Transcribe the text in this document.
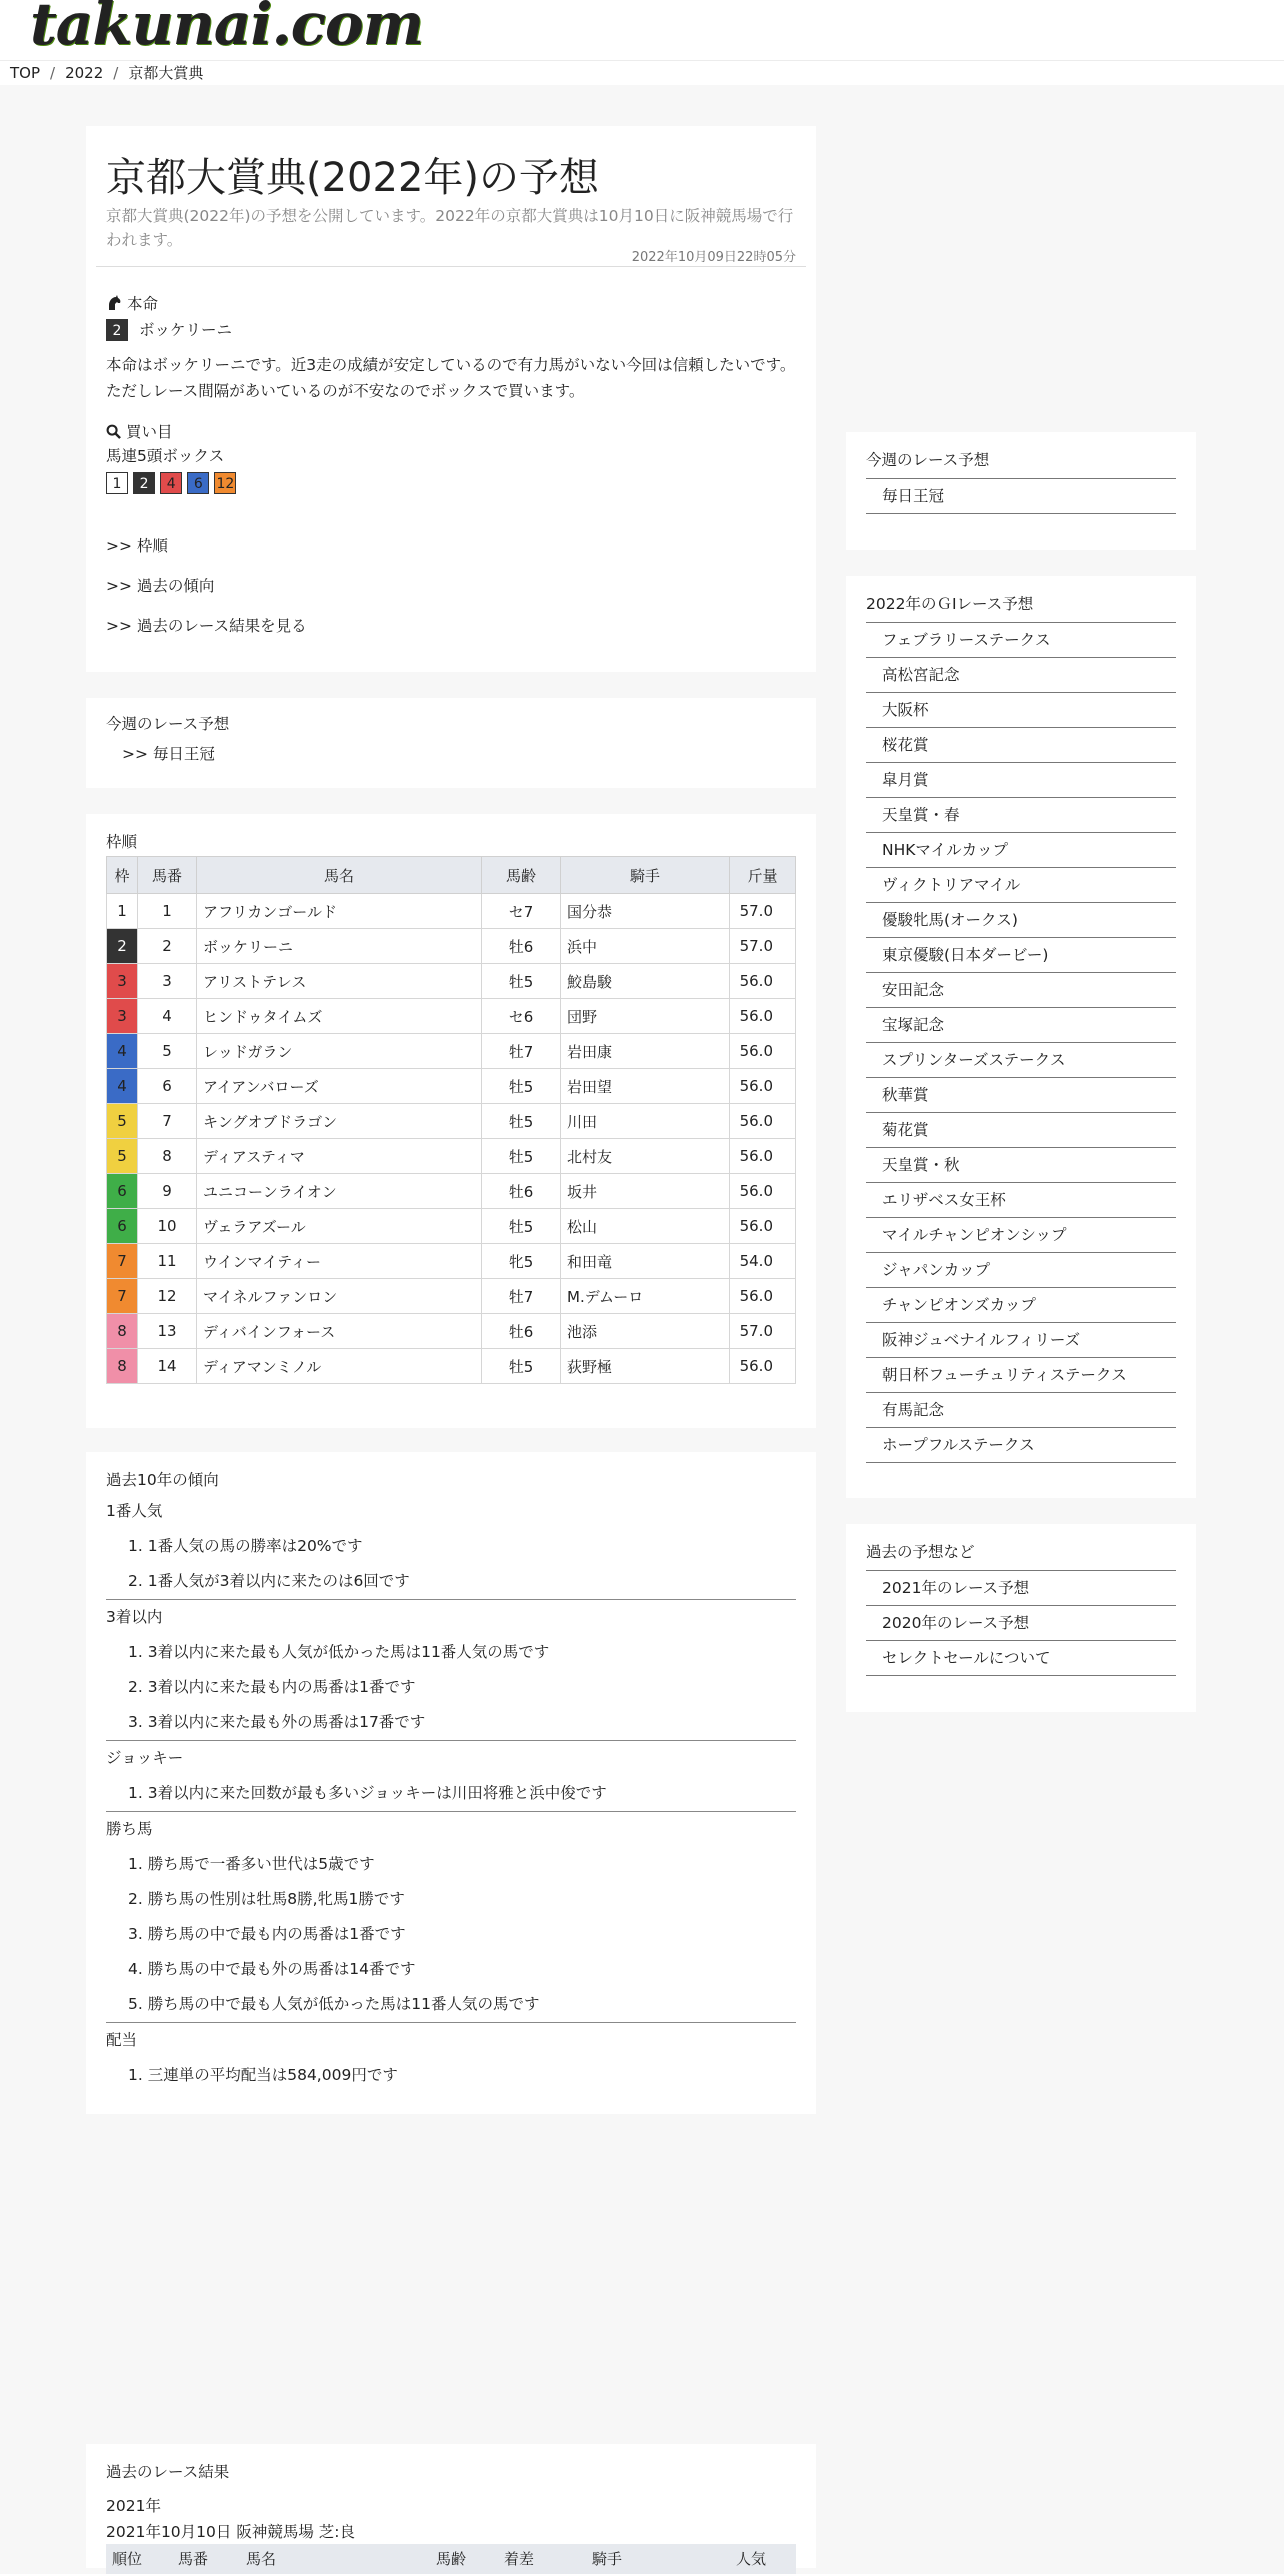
takunai.com
TOP / 2022 / 京都大賞典
京都大賞典(2022年)の予想
京都大賞典(2022年)の予想を公開しています。2022年の京都大賞典は10月10日に阪神競馬場で行われます。
2022年10月09日22時05分
本命
2 ボッケリーニ
本命はボッケリーニです。近3走の成績が安定しているので有力馬がいない今回は信頼したいです。ただしレース間隔があいているのが不安なのでボックスで買います。
買い目
馬連5頭ボックス
1 2 4 6 12
>> 枠順
>> 過去の傾向
>> 過去のレース結果を見る
今週のレース予想
>> 毎日王冠
枠順
枠	馬番	馬名	馬齢	騎手	斤量
1	1	アフリカンゴールド	セ7	国分恭	57.0
2	2	ボッケリーニ	牡6	浜中	57.0
3	3	アリストテレス	牡5	鮫島駿	56.0
3	4	ヒンドゥタイムズ	セ6	団野	56.0
4	5	レッドガラン	牡7	岩田康	56.0
4	6	アイアンバローズ	牡5	岩田望	56.0
5	7	キングオブドラゴン	牡5	川田	56.0
5	8	ディアスティマ	牡5	北村友	56.0
6	9	ユニコーンライオン	牡6	坂井	56.0
6	10	ヴェラアズール	牡5	松山	56.0
7	11	ウインマイティー	牝5	和田竜	54.0
7	12	マイネルファンロン	牡7	M.デムーロ	56.0
8	13	ディバインフォース	牡6	池添	57.0
8	14	ディアマンミノル	牡5	荻野極	56.0
過去10年の傾向
1番人気
1. 1番人気の馬の勝率は20%です
2. 1番人気が3着以内に来たのは6回です
3着以内
1. 3着以内に来た最も人気が低かった馬は11番人気の馬です
2. 3着以内に来た最も内の馬番は1番です
3. 3着以内に来た最も外の馬番は17番です
ジョッキー
1. 3着以内に来た回数が最も多いジョッキーは川田将雅と浜中俊です
勝ち馬
1. 勝ち馬で一番多い世代は5歳です
2. 勝ち馬の性別は牡馬8勝,牝馬1勝です
3. 勝ち馬の中で最も内の馬番は1番です
4. 勝ち馬の中で最も外の馬番は14番です
5. 勝ち馬の中で最も人気が低かった馬は11番人気の馬です
配当
1. 三連単の平均配当は584,009円です
過去のレース結果
2021年
2021年10月10日 阪神競馬場 芝:良
順位 馬番	馬名	馬齢	着差	騎手	人気
今週のレース予想
毎日王冠
2022年のＧⅠレース予想
フェブラリーステークス
高松宮記念
大阪杯
桜花賞
皐月賞
天皇賞・春
NHKマイルカップ
ヴィクトリアマイル
優駿牝馬(オークス)
東京優駿(日本ダービー)
安田記念
宝塚記念
スプリンターズステークス
秋華賞
菊花賞
天皇賞・秋
エリザベス女王杯
マイルチャンピオンシップ
ジャパンカップ
チャンピオンズカップ
阪神ジュベナイルフィリーズ
朝日杯フューチュリティステークス
有馬記念
ホープフルステークス
過去の予想など
2021年のレース予想
2020年のレース予想
セレクトセールについて
